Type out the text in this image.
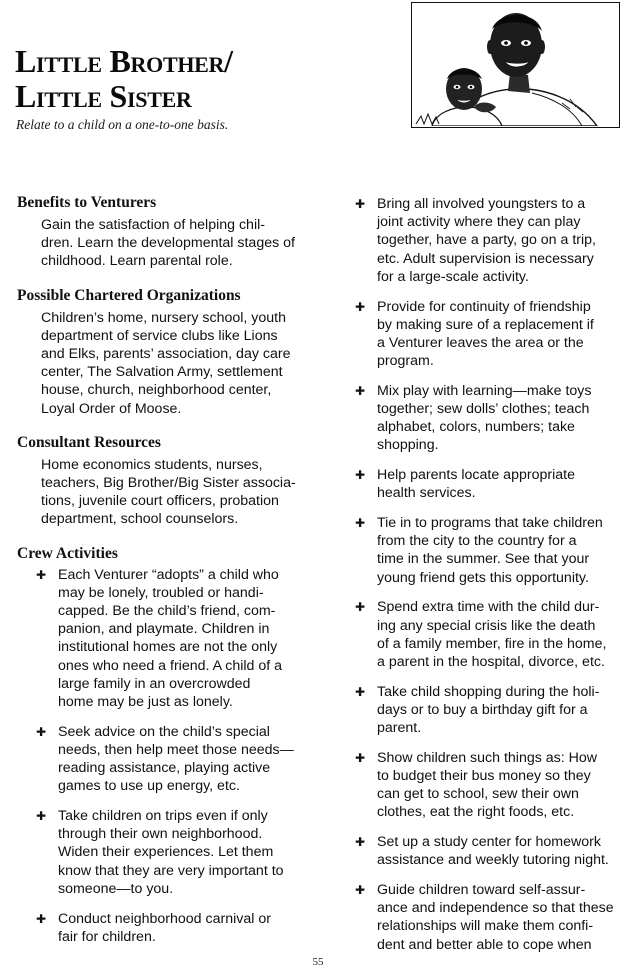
Little Brother/
Little Sister

Relate to a child on a one-to-one basis.

Benefits to Venturers

Gain the satisfaction of helping chil-
dren. Learn the developmental stages of
childhood. Learn parental role.

Possible Chartered Organizations

Children’s home, nursery school, youth
department of service clubs like Lions
and Elks, parents’ association, day care
center, The Salvation Army, settlement
house, church, neighborhood center,
Loyal Order of Moose.

Consultant Resources

Home economics students, nurses,
teachers, Big Brother/Big Sister associa-
tions, juvenile court officers, probation
department, school counselors.

Crew Activities
✚ Each Venturer “adopts” a child who
may be lonely, troubled or handi-
capped. Be the child’s friend, com-
panion, and playmate. Children in
institutional homes are not the only
ones who need a friend. A child of a
large family in an overcrowded
home may be just as lonely.
✚ Seek advice on the child’s special
needs, then help meet those needs—
reading assistance, playing active
games to use up energy, etc.
✚ Take children on trips even if only
through their own neighborhood.
Widen their experiences. Let them
know that they are very important to
someone—to you.
✚ Conduct neighborhood carnival or
fair for children.
✚ Bring all involved youngsters to a
joint activity where they can play
together, have a party, go on a trip,
etc. Adult supervision is necessary
for a large-scale activity.
✚ Provide for continuity of friendship
by making sure of a replacement if
a Venturer leaves the area or the
program.
✚ Mix play with learning—make toys
together; sew dolls’ clothes; teach
alphabet, colors, numbers; take
shopping.
✚ Help parents locate appropriate
health services.
✚ Tie in to programs that take children
from the city to the country for a
time in the summer. See that your
young friend gets this opportunity.
✚ Spend extra time with the child dur-
ing any special crisis like the death
of a family member, fire in the home,
a parent in the hospital, divorce, etc.
✚ Take child shopping during the holi-
days or to buy a birthday gift for a
parent.
✚ Show children such things as: How
to budget their bus money so they
can get to school, sew their own
clothes, eat the right foods, etc.
✚ Set up a study center for homework
assistance and weekly tutoring night.
✚ Guide children toward self-assur-
ance and independence so that these
relationships will make them confi-
dent and better able to cope when
55
